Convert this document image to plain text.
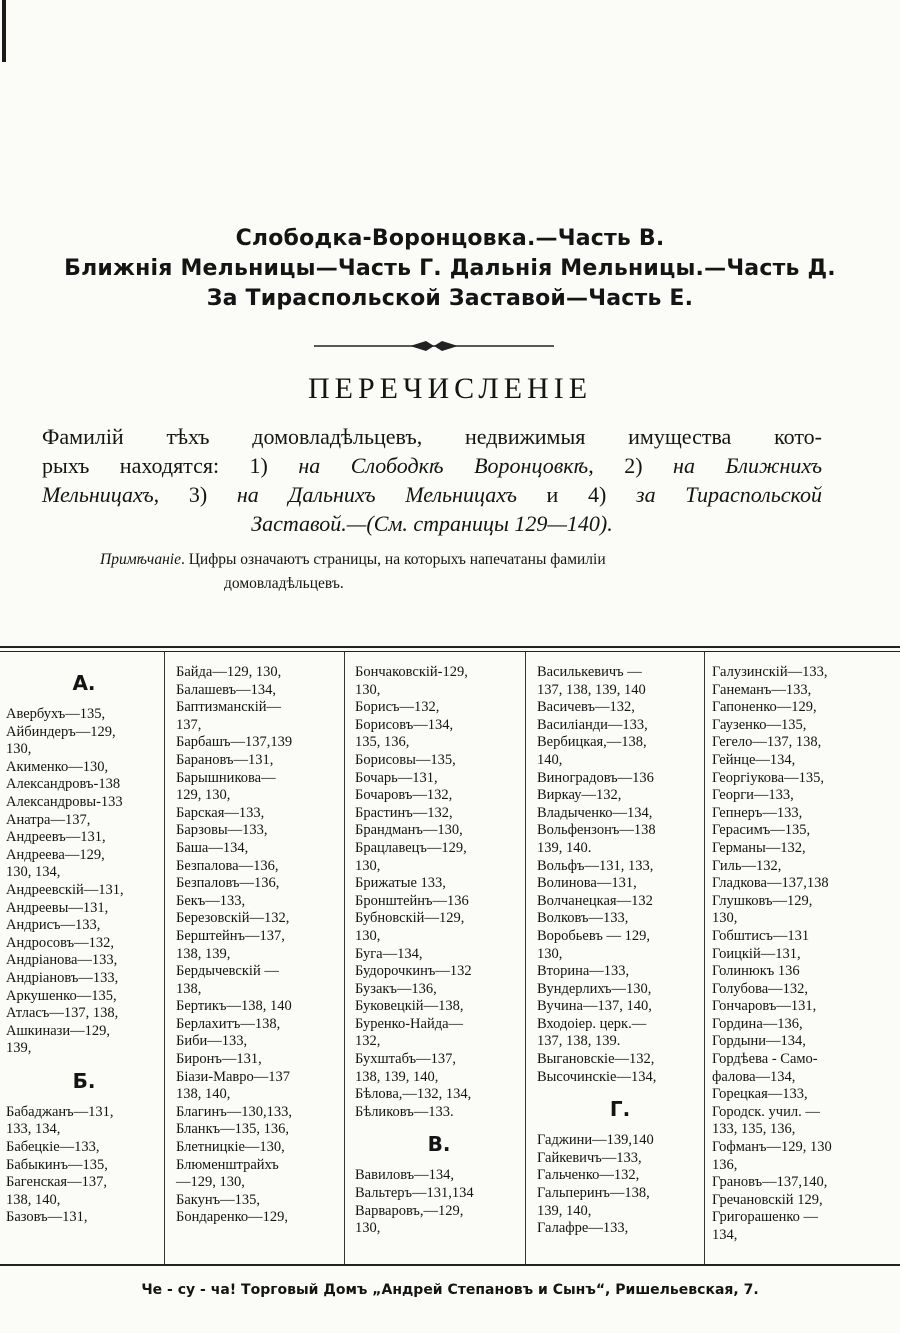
Слободка-Воронцовка.—Часть В.
Ближнія Мельницы—Часть Г. Дальнія Мельницы.—Часть Д.
За Тираспольской Заставой—Часть Е.
ПЕРЕЧИСЛЕНІЕ
Фамилій тѣхъ домовладѣльцевъ, недвижимыя имущества кото-
рыхъ находятся: 1) на Слободкѣ Воронцовкѣ, 2) на Ближнихъ
Мельницахъ, 3) на Дальнихъ Мельницахъ и 4) за Тираспольской
Заставой.—(См. страницы 129—140).
Примѣчаніе. Цифры означаютъ страницы, на которыхъ напечатаны фамиліи
домовладѣльцевъ.
А.
Авербухъ—135,
Айбиндеръ—129,
130,
Акименко—130,
Александровъ-138
Александровы-133
Анатра—137,
Андреевъ—131,
Андреева—129,
130, 134,
Андреевскій—131,
Андреевы—131,
Андрисъ—133,
Андросовъ—132,
Андріанова—133,
Андріановъ—133,
Аркушенко—135,
Атласъ—137, 138,
Ашкинази—129,
139,
Б.
Бабаджанъ—131,
133, 134,
Бабецкіе—133,
Бабыкинъ—135,
Багенская—137,
138, 140,
Базовъ—131,
Байда—129, 130,
Балашевъ—134,
Баптизманскій—
137,
Барбашъ—137,139
Барановъ—131,
Барышникова—
129, 130,
Барская—133,
Барзовы—133,
Баша—134,
Безпалова—136,
Безпаловъ—136,
Бекъ—133,
Березовскій—132,
Берштейнъ—137,
138, 139,
Бердычевскій —
138,
Бертикъ—138, 140
Берлахитъ—138,
Биби—133,
Биронъ—131,
Біази-Мавро—137
138, 140,
Благинъ—130,133,
Бланкъ—135, 136,
Блетницкіе—130,
Блюменштрайхъ
—129, 130,
Бакунъ—135,
Бондаренко—129,
Бончаковскій-129,
130,
Борисъ—132,
Борисовъ—134,
135, 136,
Борисовы—135,
Бочарь—131,
Бочаровъ—132,
Брастинъ—132,
Брандманъ—130,
Брацлавецъ—129,
130,
Брижатые 133,
Бронштейнъ—136
Бубновскій—129,
130,
Буга—134,
Будорочкинъ—132
Бузакъ—136,
Буковецкій—138,
Буренко-Найда—
132,
Бухштабъ—137,
138, 139, 140,
Бѣлова,—132, 134,
Бѣликовъ—133.
В.
Вавиловъ—134,
Вальтеръ—131,134
Варваровъ,—129,
130,
Василькевичъ —
137, 138, 139, 140
Васичевъ—132,
Василіанди—133,
Вербицкая,—138,
140,
Виноградовъ—136
Виркау—132,
Владыченко—134,
Вольфензонъ—138
139, 140.
Вольфъ—131, 133,
Волинова—131,
Волчанецкая—132
Волковъ—133,
Воробьевъ — 129,
130,
Вторина—133,
Вундерлихъ—130,
Вучина—137, 140,
Входоіер. церк.—
137, 138, 139.
Выгановскіе—132,
Высочинскіе—134,
Г.
Гаджини—139,140
Гайкевичъ—133,
Гальченко—132,
Гальперинъ—138,
139, 140,
Галафре—133,
Галузинскій—133,
Ганеманъ—133,
Гапоненко—129,
Гаузенко—135,
Гегело—137, 138,
Гейнце—134,
Георгіукова—135,
Георги—133,
Гепнеръ—133,
Герасимъ—135,
Германы—132,
Гиль—132,
Гладкова—137,138
Глушковъ—129,
130,
Гобштисъ—131
Гоицкій—131,
Голинюкъ 136
Голубова—132,
Гончаровъ—131,
Гордина—136,
Гордыни—134,
Гордѣева - Само-
фалова—134,
Горецкая—133,
Городск. учил. —
133, 135, 136,
Гофманъ—129, 130
136,
Грановъ—137,140,
Гречановскій 129,
Григорашенко —
134,
Че - су - ча! Торговый Домъ „Андрей Степановъ и Сынъ“, Ришельевская, 7.
